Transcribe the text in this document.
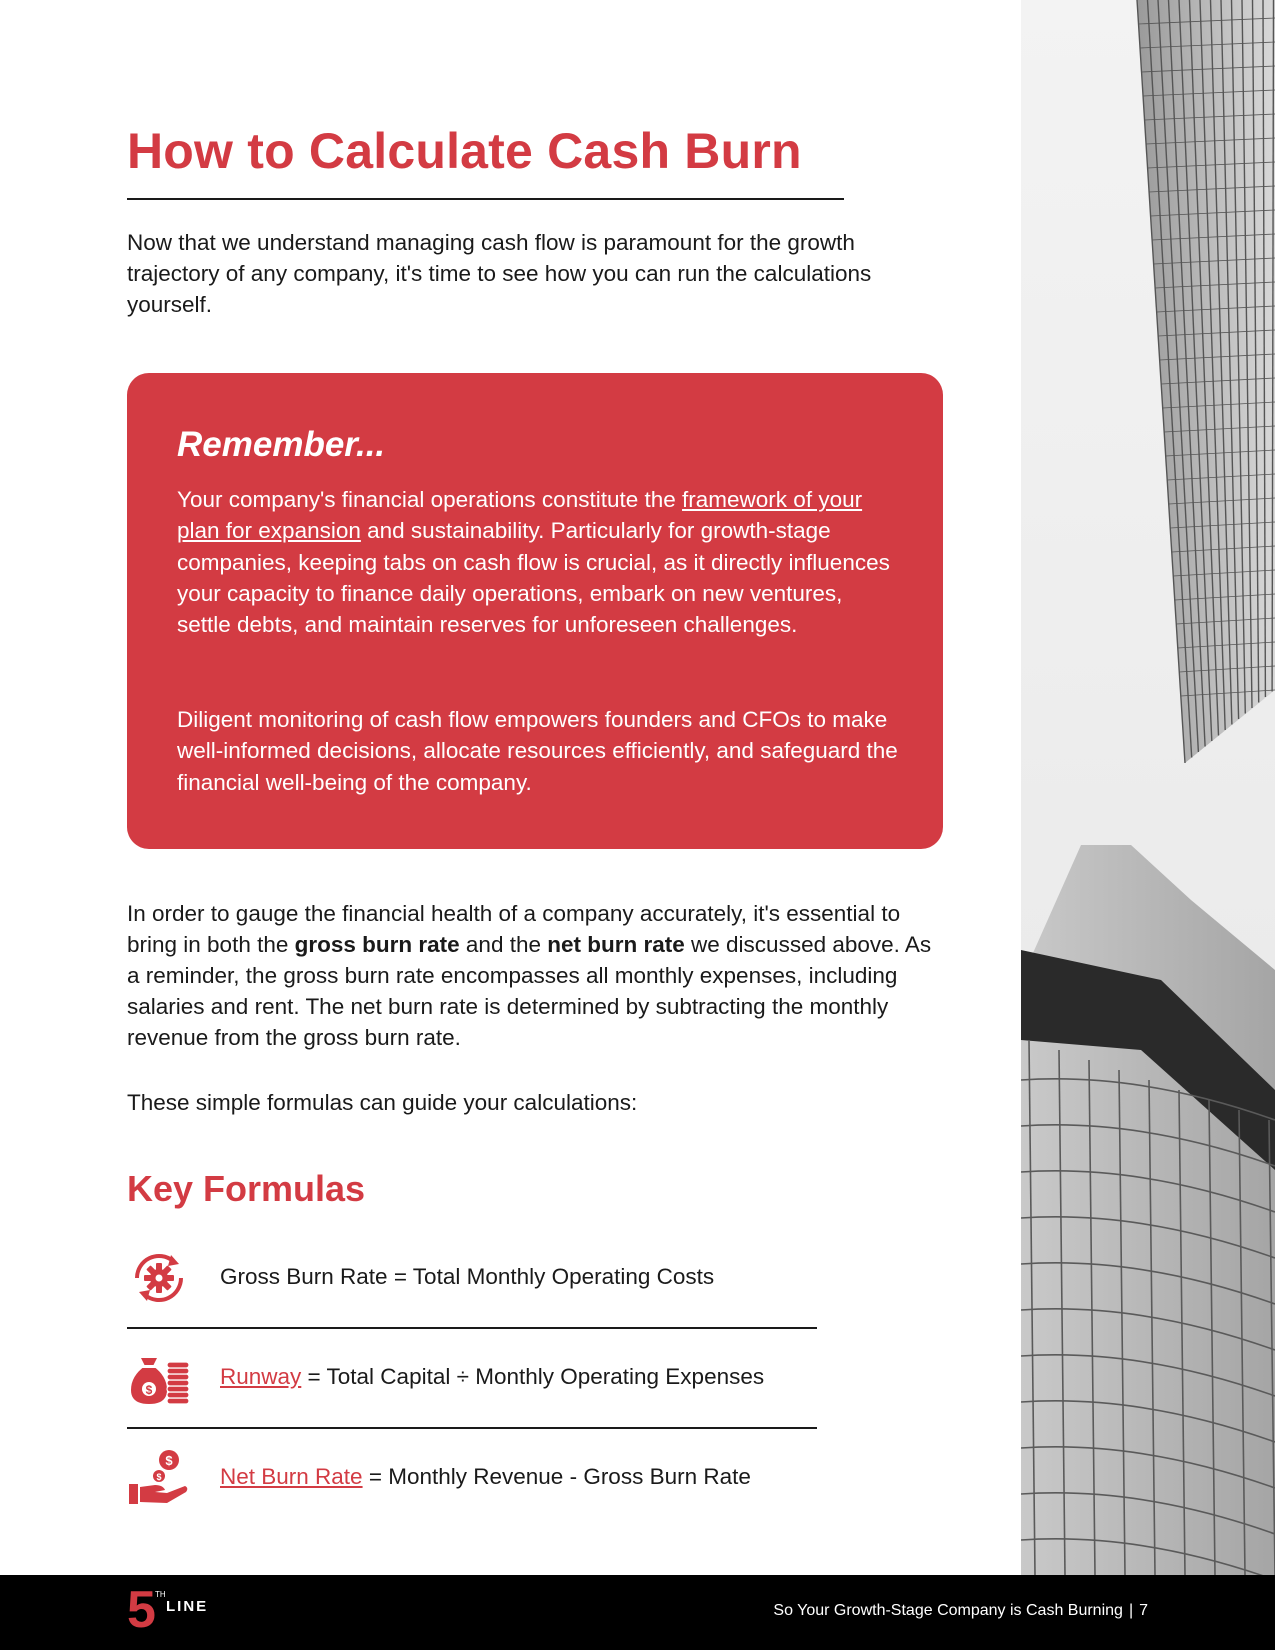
How to Calculate Cash Burn

Now that we understand managing cash flow is paramount for the growth trajectory of any company, it's time to see how you can run the calculations yourself.

Remember...

Your company's financial operations constitute the framework of your plan for expansion and sustainability. Particularly for growth-stage companies, keeping tabs on cash flow is crucial, as it directly influences your capacity to finance daily operations, embark on new ventures, settle debts, and maintain reserves for unforeseen challenges.

Diligent monitoring of cash flow empowers founders and CFOs to make well-informed decisions, allocate resources efficiently, and safeguard the financial well-being of the company.

In order to gauge the financial health of a company accurately, it's essential to bring in both the gross burn rate and the net burn rate we discussed above. As a reminder, the gross burn rate encompasses all monthly expenses, including salaries and rent. The net burn rate is determined by subtracting the monthly revenue from the gross burn rate.

These simple formulas can guide your calculations:

Key Formulas
Gross Burn Rate = Total Monthly Operating Costs
$
Runway = Total Capital ÷ Monthly Operating Expenses
$
$	Net Burn Rate = Monthly Revenue - Gross Burn Rate
5 TH
LINE	So Your Growth-Stage Company is Cash Burning | 7
